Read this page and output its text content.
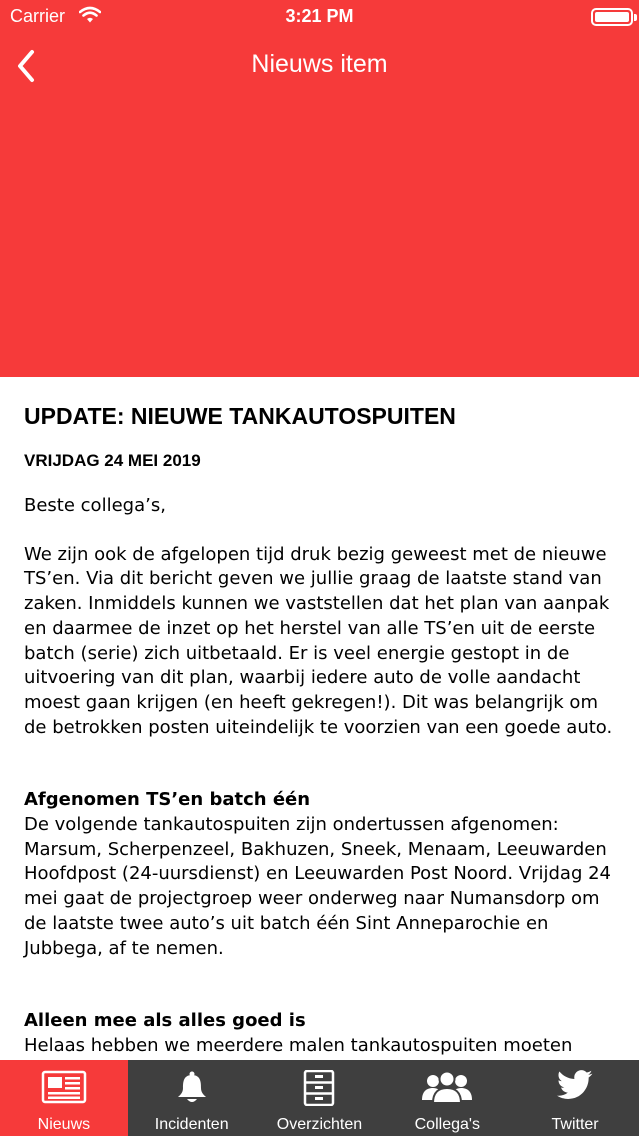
Carrier	3:21 PM
Nieuws item
UPDATE: NIEUWE TANKAUTOSPUITEN
VRIJDAG 24 MEI 2019
Beste collega’s,
We zijn ook de afgelopen tijd druk bezig geweest met de nieuwe TS’en. Via dit bericht geven we jullie graag de laatste stand van zaken. Inmiddels kunnen we vaststellen dat het plan van aanpak en daarmee de inzet op het herstel van alle TS’en uit de eerste batch (serie) zich uitbetaald. Er is veel energie gestopt in de uitvoering van dit plan, waarbij iedere auto de volle aandacht moest gaan krijgen (en heeft gekregen!). Dit was belangrijk om de betrokken posten uiteindelijk te voorzien van een goede auto.
Afgenomen TS’en batch één
De volgende tankautospuiten zijn ondertussen afgenomen: Marsum, Scherpenzeel, Bakhuzen, Sneek, Menaam, Leeuwarden Hoofdpost (24-uursdienst) en Leeuwarden Post Noord. Vrijdag 24 mei gaat de projectgroep weer onderweg naar Numansdorp om de laatste twee auto’s uit batch één Sint Anneparochie en Jubbega, af te nemen.
Alleen mee als alles goed is
Helaas hebben we meerdere malen tankautospuiten moeten
Nieuws	Incidenten	Overzichten	Collega's	Twitter
